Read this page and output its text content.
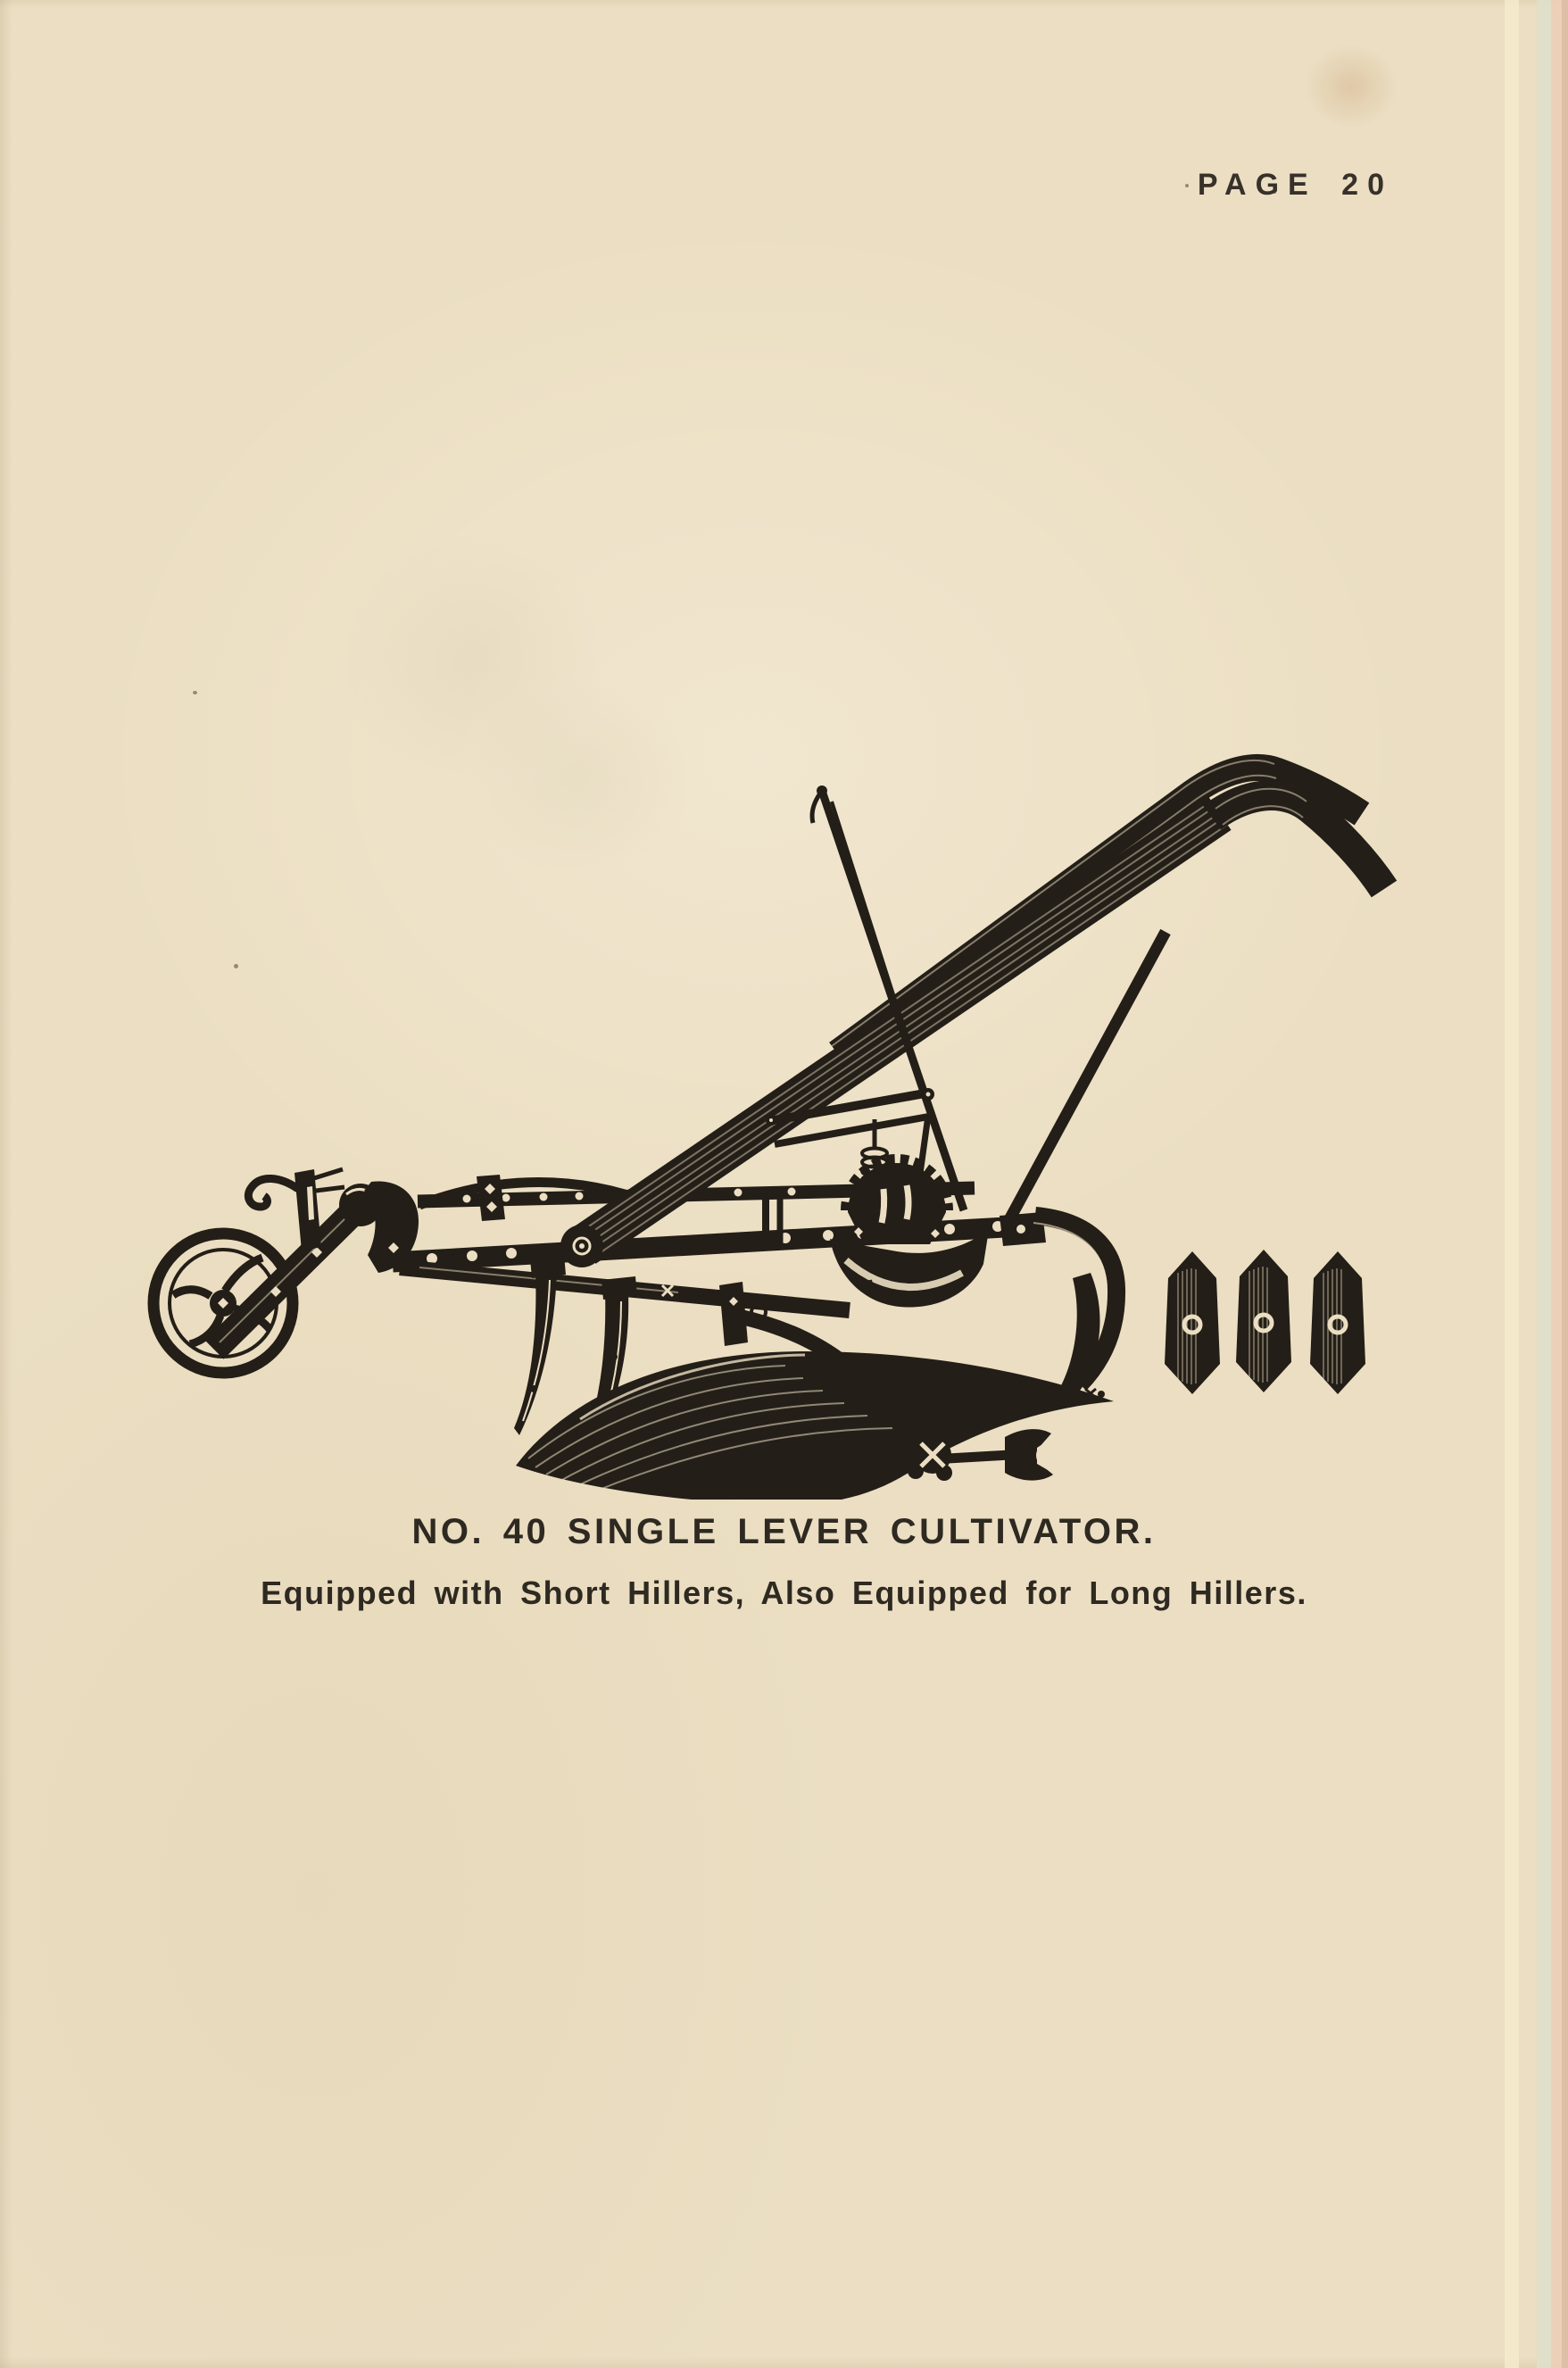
PAGE 20
NO. 40 SINGLE LEVER CULTIVATOR.
Equipped with Short Hillers, Also Equipped for Long Hillers.
